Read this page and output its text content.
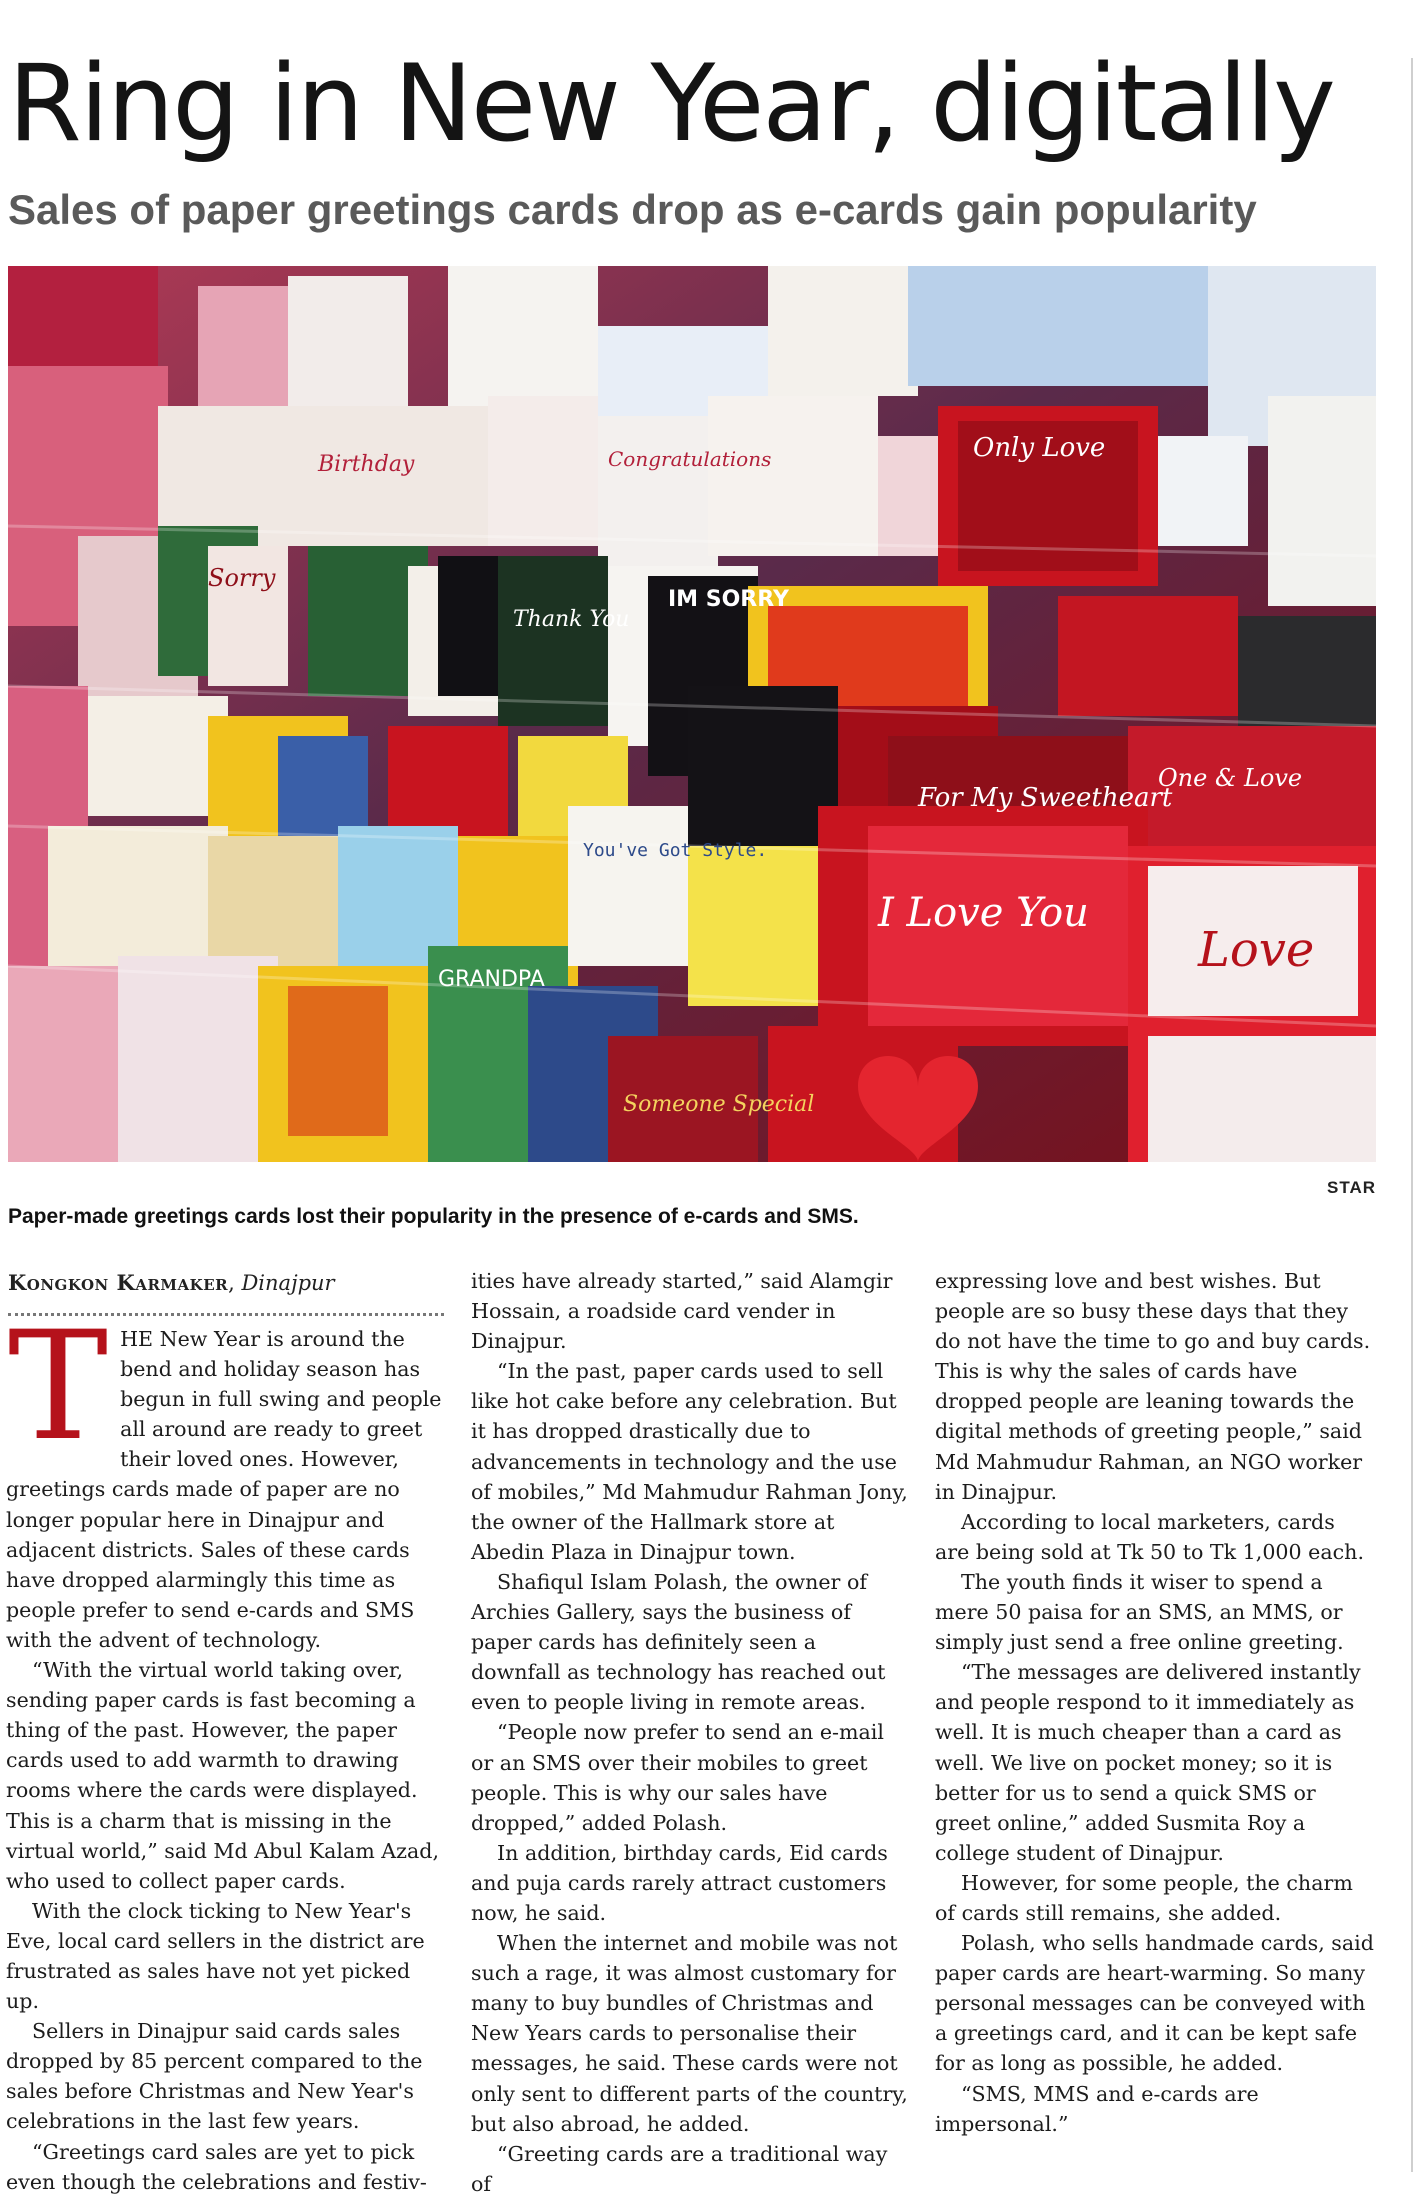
Ring in New Year, digitally
Sales of paper greetings cards drop as e-cards gain popularity
Birthday
Only Love
IM SORRY
Thank You
Sorry
For My Sweetheart
One & Love
You've Got Style.
I Love You
Love
GRANDPA
Congratulations
Someone Special
STAR

Paper-made greetings cards lost their popularity in the presence of e-cards and SMS.

Kongkon Karmaker, Dinajpur

THE New Year is around the bend and holiday season has begun in full swing and people all around are ready to greet their loved ones. However, greetings cards made of paper are no longer popular here in Dinajpur and adjacent districts. Sales of these cards have dropped alarmingly this time as people prefer to send e-cards and SMS with the advent of technology.

“With the virtual world taking over, sending paper cards is fast becoming a thing of the past. However, the paper cards used to add warmth to drawing rooms where the cards were displayed. This is a charm that is missing in the virtual world,” said Md Abul Kalam Azad, who used to collect paper cards.

With the clock ticking to New Year's Eve, local card sellers in the district are frustrated as sales have not yet picked up.

Sellers in Dinajpur said cards sales dropped by 85 percent compared to the sales before Christmas and New Year's celebrations in the last few years.

“Greetings card sales are yet to pick even though the celebrations and festiv-

ities have already started,” said Alamgir Hossain, a roadside card vender in Dinajpur.

“In the past, paper cards used to sell like hot cake before any celebration. But it has dropped drastically due to advancements in technology and the use of mobiles,” Md Mahmudur Rahman Jony, the owner of the Hallmark store at Abedin Plaza in Dinajpur town.

Shafiqul Islam Polash, the owner of Archies Gallery, says the business of paper cards has definitely seen a downfall as technology has reached out even to people living in remote areas.

“People now prefer to send an e-mail or an SMS over their mobiles to greet people. This is why our sales have dropped,” added Polash.

In addition, birthday cards, Eid cards and puja cards rarely attract customers now, he said.

When the internet and mobile was not such a rage, it was almost customary for many to buy bundles of Christmas and New Years cards to personalise their messages, he said. These cards were not only sent to different parts of the country, but also abroad, he added.

“Greeting cards are a traditional way of

expressing love and best wishes. But people are so busy these days that they do not have the time to go and buy cards. This is why the sales of cards have dropped people are leaning towards the digital methods of greeting people,” said Md Mahmudur Rahman, an NGO worker in Dinajpur.

According to local marketers, cards are being sold at Tk 50 to Tk 1,000 each.

The youth finds it wiser to spend a mere 50 paisa for an SMS, an MMS, or simply just send a free online greeting.

“The messages are delivered instantly and people respond to it immediately as well. It is much cheaper than a card as well. We live on pocket money; so it is better for us to send a quick SMS or greet online,” added Susmita Roy a college student of Dinajpur.

However, for some people, the charm of cards still remains, she added.

Polash, who sells handmade cards, said paper cards are heart-warming. So many personal messages can be conveyed with a greetings card, and it can be kept safe for as long as possible, he added.

“SMS, MMS and e-cards are impersonal.”
